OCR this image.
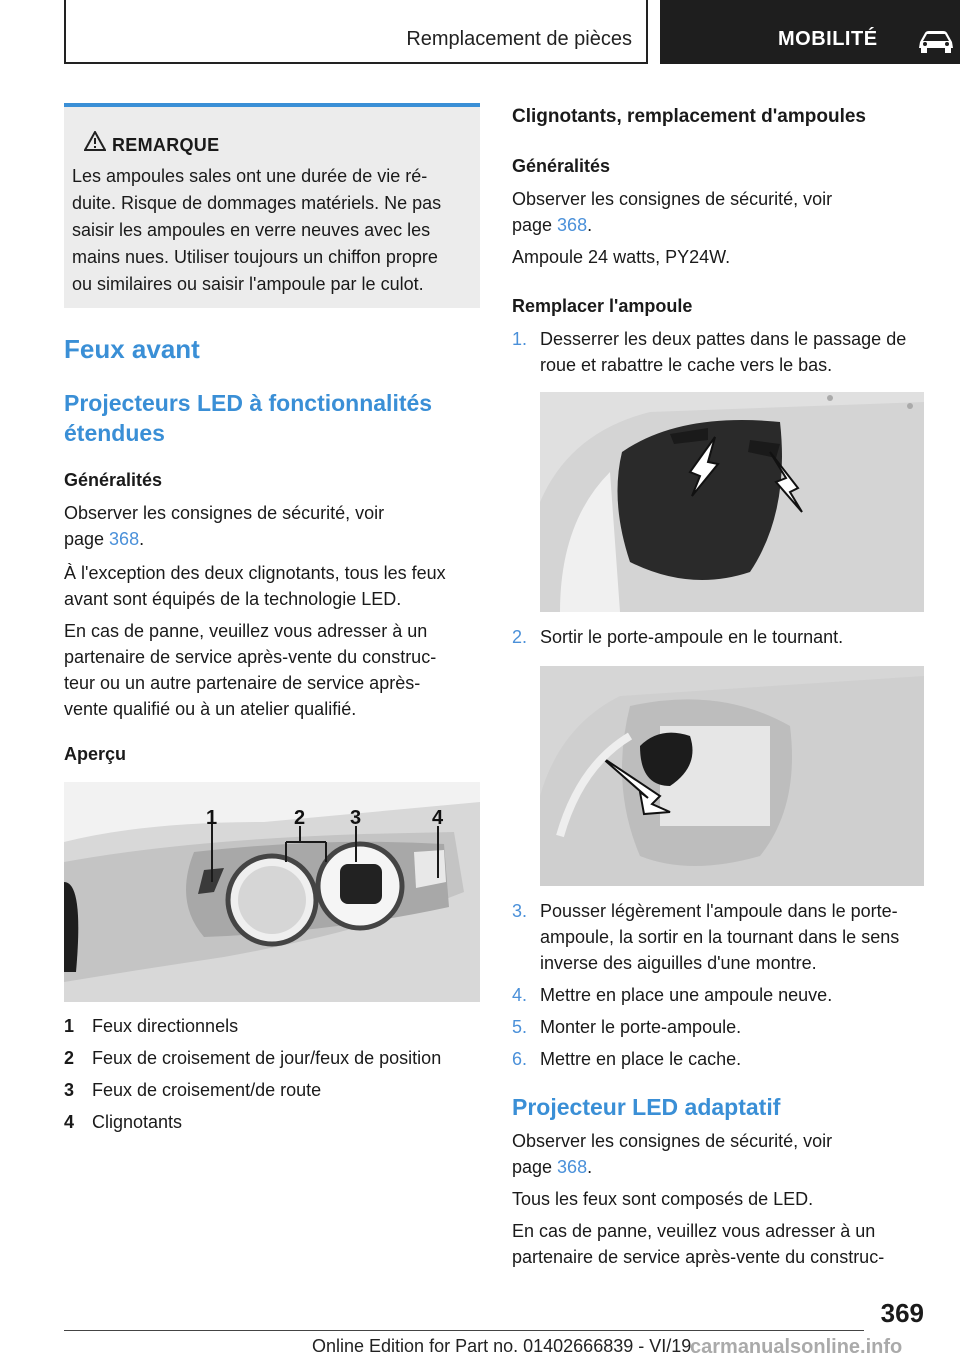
Remplacement de pièces	MOBILITÉ
REMARQUE
Les ampoules sales ont une durée de vie ré‐
duite. Risque de dommages matériels. Ne pas
saisir les ampoules en verre neuves avec les
mains nues. Utiliser toujours un chiffon propre
ou similaires ou saisir l'ampoule par le culot.
Feux avant
Projecteurs LED à fonctionnalités
étendues
Généralités
Observer les consignes de sécurité, voir
page 368.
À l'exception des deux clignotants, tous les feux
avant sont équipés de la technologie LED.
En cas de panne, veuillez vous adresser à un
partenaire de service après-vente du construc‐
teur ou un autre partenaire de service après-
vente qualifié ou à un atelier qualifié.
Aperçu
1	2 3	4
1 Feux directionnels
2 Feux de croisement de jour/feux de position
3 Feux de croisement/de route
4 Clignotants
Clignotants, remplacement d'ampoules
Généralités
Observer les consignes de sécurité, voir
page 368.
Ampoule 24 watts, PY24W.
Remplacer l'ampoule
1. Desserrer les deux pattes dans le passage de roue et rabattre le cache vers le bas.
2. Sortir le porte-ampoule en le tournant.
3. Pousser légèrement l'ampoule dans le porte-ampoule, la sortir en la tournant dans le sens inverse des aiguilles d'une montre.
4. Mettre en place une ampoule neuve.
5. Monter le porte-ampoule.
6. Mettre en place le cache.
Projecteur LED adaptatif
Observer les consignes de sécurité, voir
page 368.
Tous les feux sont composés de LED.
En cas de panne, veuillez vous adresser à un
partenaire de service après-vente du construc‐
369
Online Edition for Part no. 01402666839 - VI/19
carmanualsonline.info
